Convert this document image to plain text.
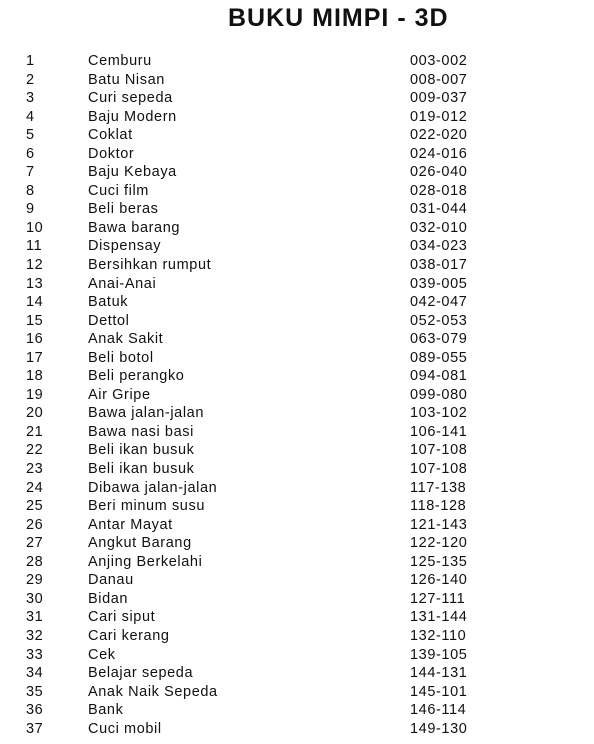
BUKU MIMPI - 3D
1	Cemburu	003-002
2	Batu Nisan	008-007
3	Curi sepeda	009-037
4	Baju Modern	019-012
5	Coklat	022-020
6	Doktor	024-016
7	Baju Kebaya	026-040
8	Cuci film	028-018
9	Beli beras	031-044
10	Bawa barang	032-010
11	Dispensay	034-023
12	Bersihkan rumput	038-017
13	Anai-Anai	039-005
14	Batuk	042-047
15	Dettol	052-053
16	Anak Sakit	063-079
17	Beli botol	089-055
18	Beli perangko	094-081
19	Air Gripe	099-080
20	Bawa jalan-jalan	103-102
21	Bawa nasi basi	106-141
22	Beli ikan busuk	107-108
23	Beli ikan busuk	107-108
24	Dibawa jalan-jalan	117-138
25	Beri minum susu	118-128
26	Antar Mayat	121-143
27	Angkut Barang	122-120
28	Anjing Berkelahi	125-135
29	Danau	126-140
30	Bidan	127-111
31	Cari siput	131-144
32	Cari kerang	132-110
33	Cek	139-105
34	Belajar sepeda	144-131
35	Anak Naik Sepeda	145-101
36	Bank	146-114
37	Cuci mobil	149-130
